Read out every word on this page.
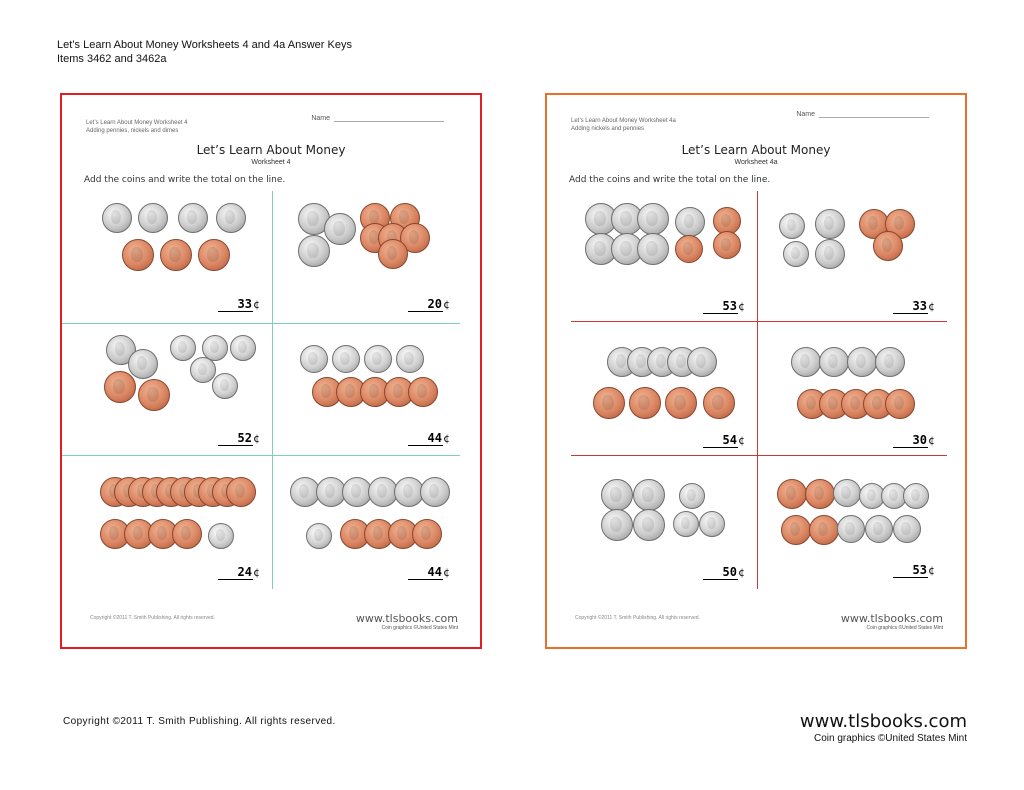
Let’s Learn About Money Worksheets 4 and 4a Answer Keys
Items 3462 and 3462a
Let’s Learn About Money Worksheet 4
Adding pennies, nickels and dimes
Name
Let’s Learn About Money
Worksheet 4
Add the coins and write the total on the line.
33¢	20¢
52¢	44¢
24¢	44¢
Copyright ©2011 T. Smith Publishing. All rights reserved.	www.tlsbooks.com
Coin graphics ©United States Mint
Let’s Learn About Money Worksheet 4a
Adding nickels and pennies
Name
Let’s Learn About Money
Worksheet 4a
Add the coins and write the total on the line.
53¢	33¢
54¢	30¢
50¢	53¢
Copyright ©2011 T. Smith Publishing. All rights reserved.	www.tlsbooks.com
Coin graphics ©United States Mint
Copyright ©2011 T. Smith Publishing. All rights reserved.	www.tlsbooks.com
Coin graphics ©United States Mint
